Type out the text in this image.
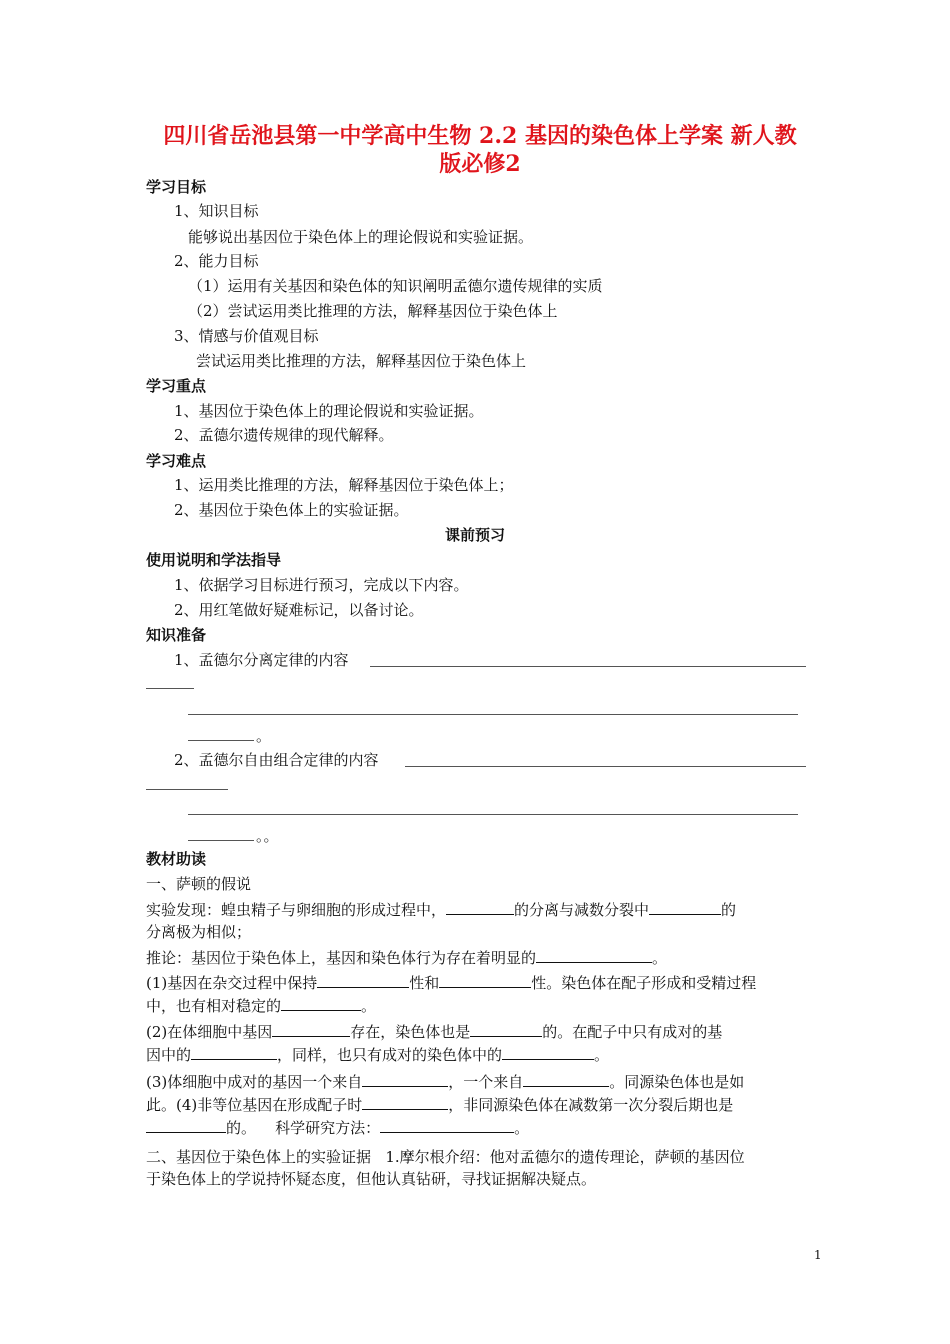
四川省岳池县第一中学高中生物 2.2 基因的染色体上学案 新人教
版必修2
学习目标
1、知识目标
能够说出基因位于染色体上的理论假说和实验证据。
2、能力目标
（1）运用有关基因和染色体的知识阐明孟德尔遗传规律的实质
（2）尝试运用类比推理的方法，解释基因位于染色体上
3、情感与价值观目标
尝试运用类比推理的方法，解释基因位于染色体上
学习重点
1、基因位于染色体上的理论假说和实验证据。
2、孟德尔遗传规律的现代解释。
学习难点
1、运用类比推理的方法，解释基因位于染色体上；
2、基因位于染色体上的实验证据。
课前预习
使用说明和学法指导
1、依据学习目标进行预习，完成以下内容。
2、用红笔做好疑难标记，以备讨论。
知识准备
1、孟德尔分离定律的内容
。
2、孟德尔自由组合定律的内容
。。
教材助读
一、萨顿的假说
实验发现：蝗虫精子与卵细胞的形成过程中，	的分离与减数分裂中	的
分离极为相似；
推论：基因位于染色体上，基因和染色体行为存在着明显的	。
(1)基因在杂交过程中保持	性和	性。染色体在配子形成和受精过程
中，也有相对稳定的	。
(2)在体细胞中基因	存在，染色体也是	的。在配子中只有成对的基
因中的	，同样，也只有成对的染色体中的	。
(3)体细胞中成对的基因一个来自	，一个来自	。同源染色体也是如
此。(4)非等位基因在形成配子时	，非同源染色体在减数第一次分裂后期也是
的。 科学研究方法：	。
二、基因位于染色体上的实验证据 1.摩尔根介绍：他对孟德尔的遗传理论，萨顿的基因位
于染色体上的学说持怀疑态度，但他认真钻研，寻找证据解决疑点。
1
